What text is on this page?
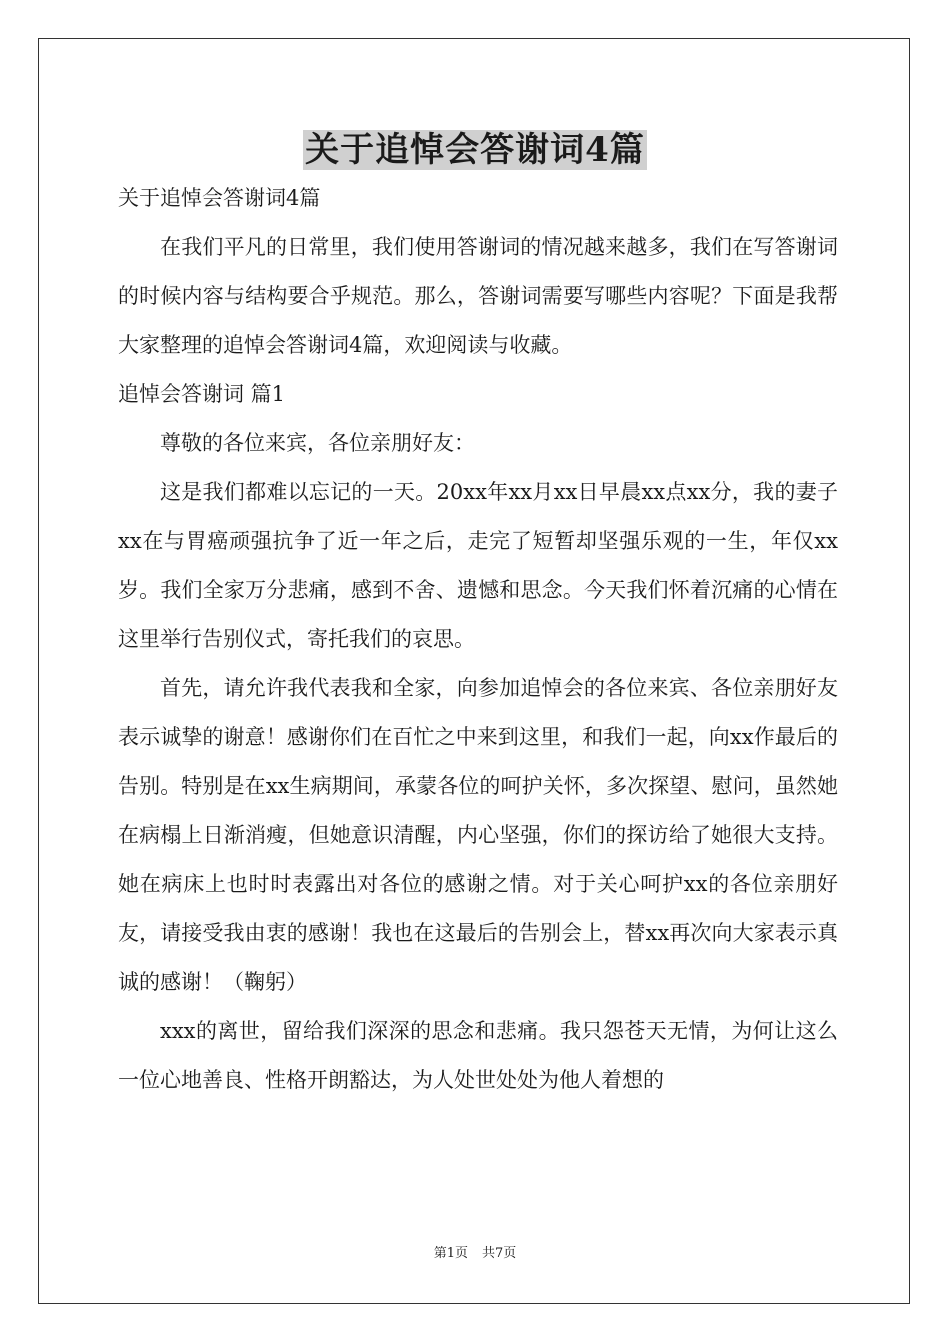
关于追悼会答谢词4篇

关于追悼会答谢词4篇

在我们平凡的日常里，我们使用答谢词的情况越来越多，我们在写答谢词的时候内容与结构要合乎规范。那么，答谢词需要写哪些内容呢？下面是我帮大家整理的追悼会答谢词4篇，欢迎阅读与收藏。

追悼会答谢词 篇1

尊敬的各位来宾，各位亲朋好友：

这是我们都难以忘记的一天。20xx年xx月xx日早晨xx点xx分，我的妻子xx在与胃癌顽强抗争了近一年之后，走完了短暂却坚强乐观的一生，年仅xx岁。我们全家万分悲痛，感到不舍、遗憾和思念。今天我们怀着沉痛的心情在这里举行告别仪式，寄托我们的哀思。

首先，请允许我代表我和全家，向参加追悼会的各位来宾、各位亲朋好友表示诚挚的谢意！感谢你们在百忙之中来到这里，和我们一起，向xx作最后的告别。特别是在xx生病期间，承蒙各位的呵护关怀，多次探望、慰问，虽然她在病榻上日渐消瘦，但她意识清醒，内心坚强，你们的探访给了她很大支持。她在病床上也时时表露出对各位的感谢之情。对于关心呵护xx的各位亲朋好友，请接受我由衷的感谢！我也在这最后的告别会上，替xx再次向大家表示真诚的感谢！（鞠躬）

xxx的离世，留给我们深深的思念和悲痛。我只怨苍天无情，为何让这么一位心地善良、性格开朗豁达，为人处世处处为他人着想的

第1页 共7页
